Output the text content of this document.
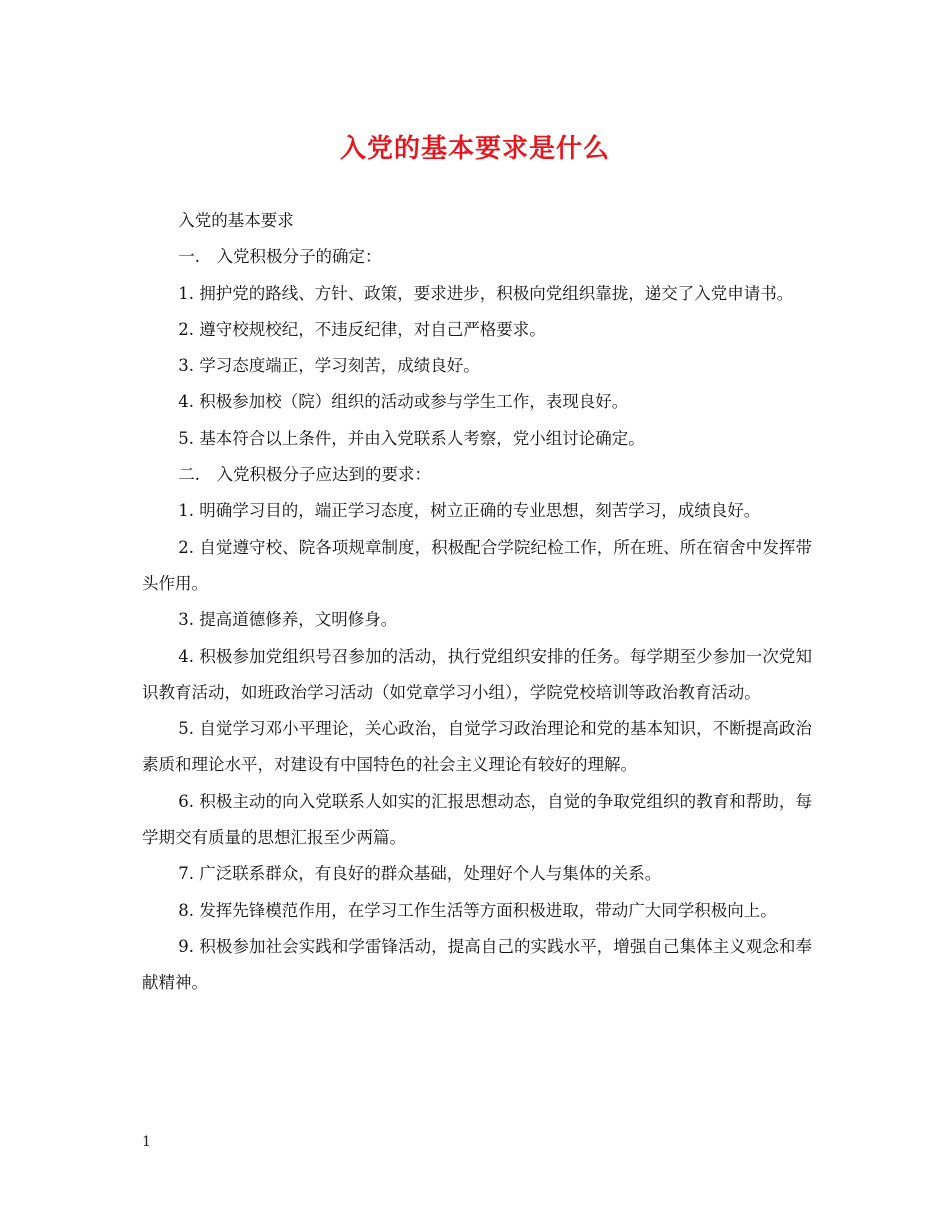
入党的基本要求是什么

入党的基本要求

一.　入党积极分子的确定：

1. 拥护党的路线、方针、政策，要求进步，积极向党组织靠拢，递交了入党申请书。

2. 遵守校规校纪，不违反纪律，对自己严格要求。

3. 学习态度端正，学习刻苦，成绩良好。

4. 积极参加校（院）组织的活动或参与学生工作，表现良好。

5. 基本符合以上条件，并由入党联系人考察，党小组讨论确定。

二.　入党积极分子应达到的要求：

1. 明确学习目的，端正学习态度，树立正确的专业思想，刻苦学习，成绩良好。

2. 自觉遵守校、院各项规章制度，积极配合学院纪检工作，所在班、所在宿舍中发挥带头作用。

3. 提高道德修养，文明修身。

4. 积极参加党组织号召参加的活动，执行党组织安排的任务。每学期至少参加一次党知识教育活动，如班政治学习活动（如党章学习小组），学院党校培训等政治教育活动。

5. 自觉学习邓小平理论，关心政治，自觉学习政治理论和党的基本知识，不断提高政治素质和理论水平，对建设有中国特色的社会主义理论有较好的理解。

6. 积极主动的向入党联系人如实的汇报思想动态，自觉的争取党组织的教育和帮助，每学期交有质量的思想汇报至少两篇。

7. 广泛联系群众，有良好的群众基础，处理好个人与集体的关系。

8. 发挥先锋模范作用，在学习工作生活等方面积极进取，带动广大同学积极向上。

9. 积极参加社会实践和学雷锋活动，提高自己的实践水平，增强自己集体主义观念和奉献精神。

1
